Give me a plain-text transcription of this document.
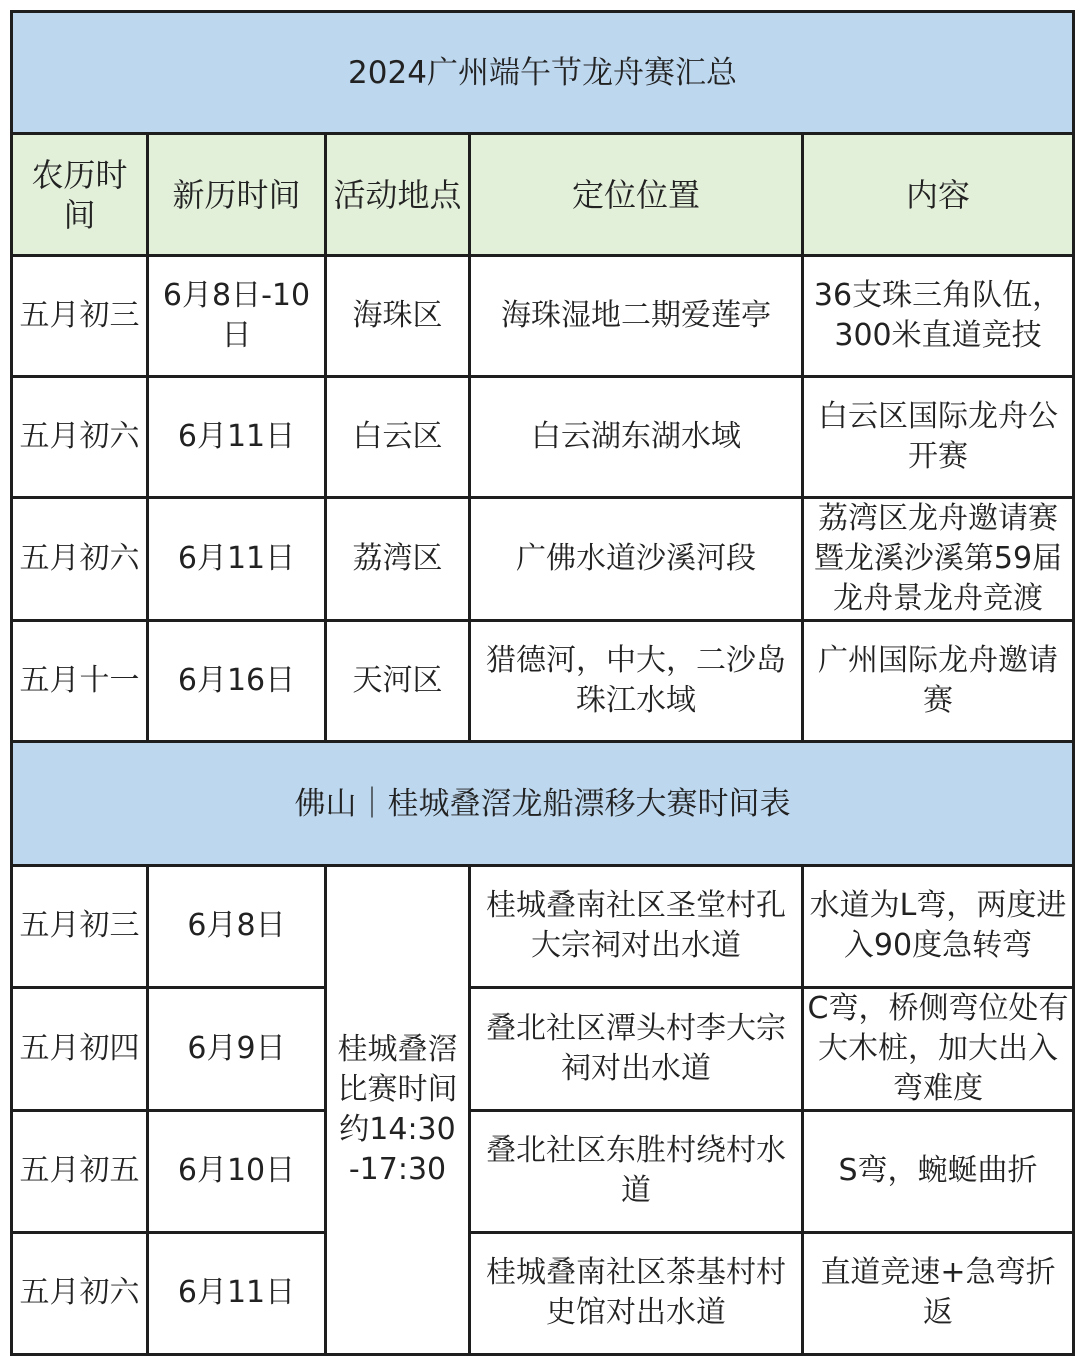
2024广州端午节龙舟赛汇总				
农历时间	新历时间	活动地点	定位位置	内容
五月初三	6月8日-10日	海珠区	海珠湿地二期爱莲亭	36支珠三角队伍，300米直道竞技
五月初六	6月11日	白云区	白云湖东湖水域	白云区国际龙舟公开赛
五月初六	6月11日	荔湾区	广佛水道沙溪河段	荔湾区龙舟邀请赛暨龙溪沙溪第59届龙舟景龙舟竞渡
五月十一	6月16日	天河区	猎德河，中大，二沙岛珠江水域	广州国际龙舟邀请赛
佛山｜桂城叠滘龙船漂移大赛时间表				
五月初三	6月8日	桂城叠滘比赛时间约14:30-17:30	桂城叠南社区圣堂村孔大宗祠对出水道	水道为L弯，两度进入90度急转弯
五月初四	6月9日		叠北社区潭头村李大宗祠对出水道	C弯，桥侧弯位处有大木桩，加大出入弯难度
五月初五	6月10日		叠北社区东胜村绕村水道	S弯，蜿蜒曲折
五月初六	6月11日		桂城叠南社区茶基村村史馆对出水道	直道竞速+急弯折返
